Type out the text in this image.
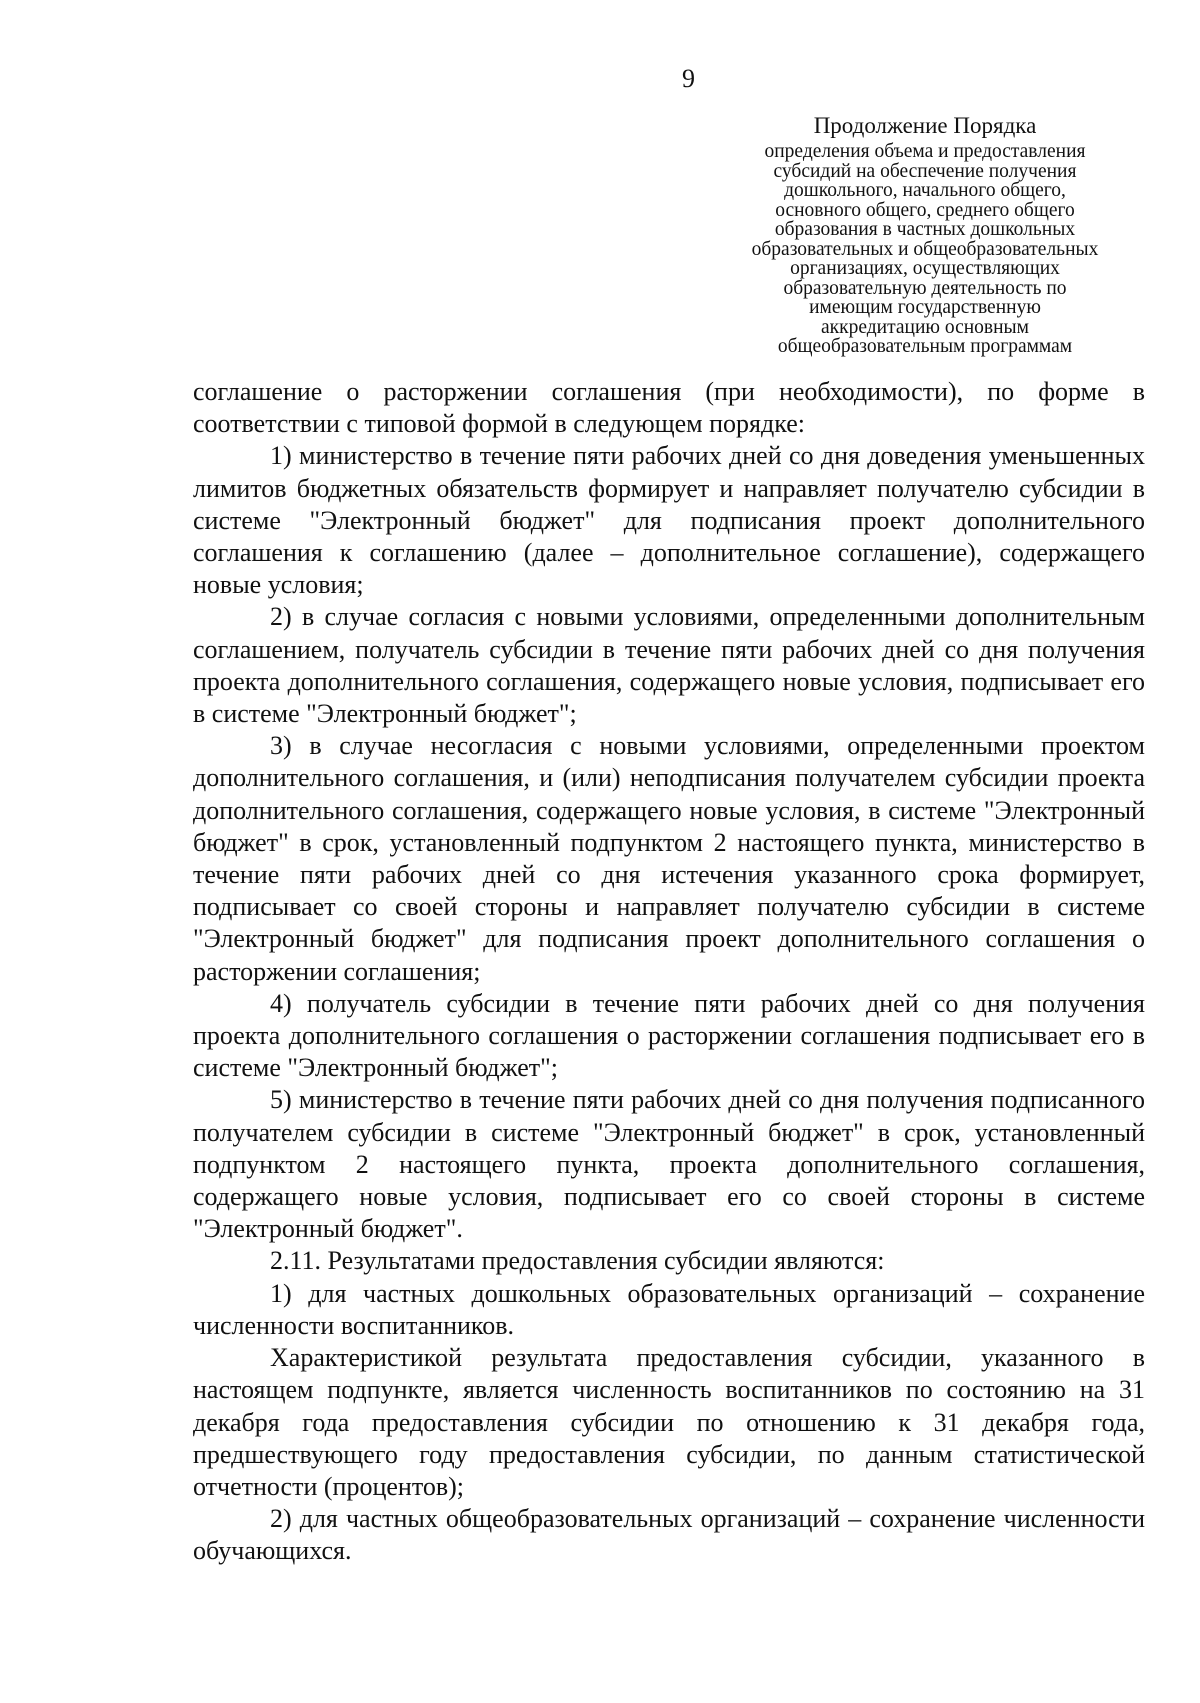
9
Продолжение Порядка
определения объема и предоставления
субсидий на обеспечение получения
дошкольного, начального общего,
основного общего, среднего общего
образования в частных дошкольных
образовательных и общеобразовательных
организациях, осуществляющих
образовательную деятельность по
имеющим государственную
аккредитацию основным
общеобразовательным программам

соглашение о расторжении соглашения (при необходимости), по форме в соответствии с типовой формой в следующем порядке:

1) министерство в течение пяти рабочих дней со дня доведения уменьшенных лимитов бюджетных обязательств формирует и направляет получателю субсидии в системе "Электронный бюджет" для подписания проект дополнительного соглашения к соглашению (далее – дополнительное соглашение), содержащего новые условия;

2) в случае согласия с новыми условиями, определенными дополнительным соглашением, получатель субсидии в течение пяти рабочих дней со дня получения проекта дополнительного соглашения, содержащего новые условия, подписывает его в системе "Электронный бюджет";

3) в случае несогласия с новыми условиями, определенными проектом дополнительного соглашения, и (или) неподписания получателем субсидии проекта дополнительного соглашения, содержащего новые условия, в системе "Электронный бюджет" в срок, установленный подпунктом 2 настоящего пункта, министерство в течение пяти рабочих дней со дня истечения указанного срока формирует, подписывает со своей стороны и направляет получателю субсидии в системе "Электронный бюджет" для подписания проект дополнительного соглашения о расторжении соглашения;

4) получатель субсидии в течение пяти рабочих дней со дня получения проекта дополнительного соглашения о расторжении соглашения подписывает его в системе "Электронный бюджет";

5) министерство в течение пяти рабочих дней со дня получения подписанного получателем субсидии в системе "Электронный бюджет" в срок, установленный подпунктом 2 настоящего пункта, проекта дополнительного соглашения, содержащего новые условия, подписывает его со своей стороны в системе "Электронный бюджет".

2.11. Результатами предоставления субсидии являются:

1) для частных дошкольных образовательных организаций – сохранение численности воспитанников.

Характеристикой результата предоставления субсидии, указанного в настоящем подпункте, является численность воспитанников по состоянию на 31 декабря года предоставления субсидии по отношению к 31 декабря года, предшествующего году предоставления субсидии, по данным статистической отчетности (процентов);

2) для частных общеобразовательных организаций – сохранение численности обучающихся.
